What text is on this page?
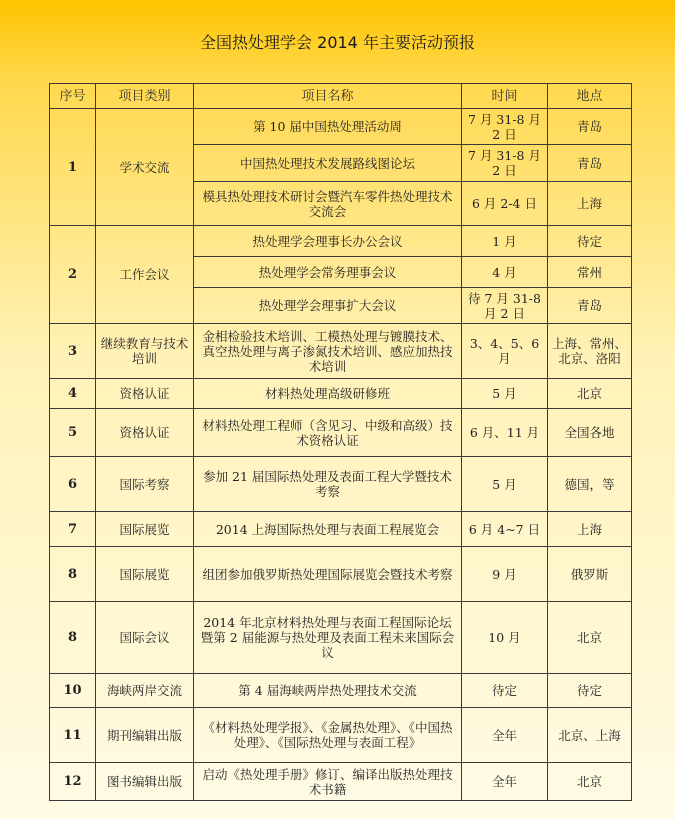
全国热处理学会 2014 年主要活动预报
序号	项目类别	项目名称	时间	地点
1	学术交流	第 10 届中国热处理活动周	7 月 31-8 月 2 日	青岛
		中国热处理技术发展路线图论坛	7 月 31-8 月 2 日	青岛
		模具热处理技术研讨会暨汽车零件热处理技术交流会	6 月 2-4 日	上海
2	工作会议	热处理学会理事长办公会议	1 月	待定
		热处理学会常务理事会议	4 月	常州
		热处理学会理事扩大会议	待 7 月 31-8 月 2 日	青岛
3	继续教育与技术培训	金相检验技术培训、工模热处理与镀膜技术、真空热处理与离子渗氮技术培训、感应加热技术培训	3、4、5、6 月	上海、常州、北京、洛阳
4	资格认证	材料热处理高级研修班	5 月	北京
5	资格认证	材料热处理工程师（含见习、中级和高级）技术资格认证	6 月、11 月	全国各地
6	国际考察	参加 21 届国际热处理及表面工程大学暨技术考察	5 月	德国，等
7	国际展览	2014 上海国际热处理与表面工程展览会	6 月 4~7 日	上海
8	国际展览	组团参加俄罗斯热处理国际展览会暨技术考察	9 月	俄罗斯
8	国际会议	2014 年北京材料热处理与表面工程国际论坛暨第 2 届能源与热处理及表面工程未来国际会议	10 月	北京
10	海峡两岸交流	第 4 届海峡两岸热处理技术交流	待定	待定
11	期刊编辑出版	《材料热处理学报》、《金属热处理》、《中国热处理》、《国际热处理与表面工程》	全年	北京、上海
12	图书编辑出版	启动《热处理手册》修订、编译出版热处理技术书籍	全年	北京
